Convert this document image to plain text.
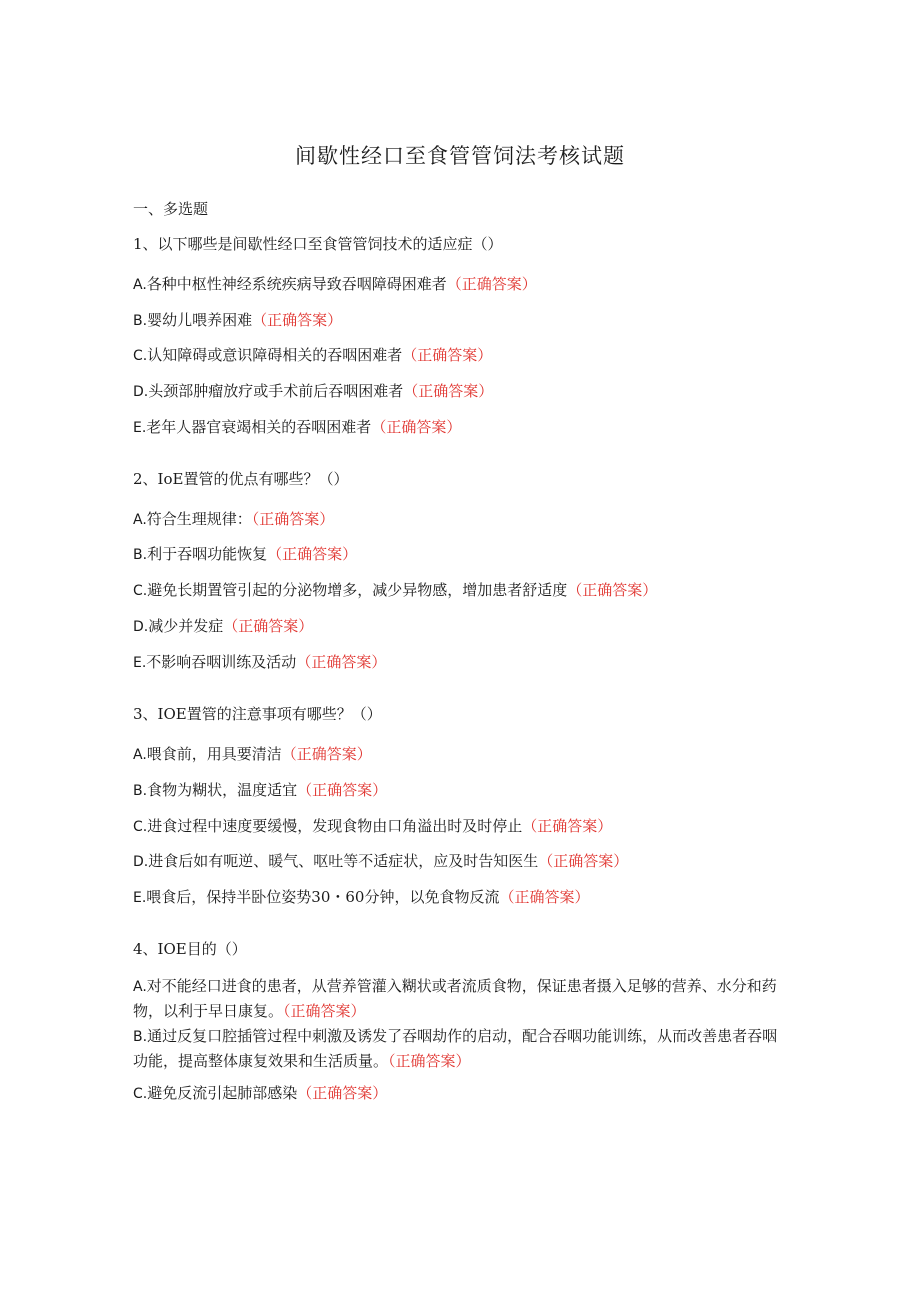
间歇性经口至食管管饲法考核试题
一、多选题
1、以下哪些是间歇性经口至食管管饲技术的适应症（）
A.各种中枢性神经系统疾病导致吞咽障碍困难者（正确答案）
B.婴幼儿喂养困难（正确答案）
C.认知障碍或意识障碍相关的吞咽困难者（正确答案）
D.头颈部肿瘤放疗或手术前后吞咽困难者（正确答案）
E.老年人器官衰竭相关的吞咽困难者（正确答案）
2、IoE置管的优点有哪些？（）
A.符合生理规律：（正确答案）
B.利于吞咽功能恢复（正确答案）
C.避免长期置管引起的分泌物增多，减少异物感，增加患者舒适度（正确答案）
D.减少并发症（正确答案）
E.不影响吞咽训练及活动（正确答案）
3、IOE置管的注意事项有哪些？（）
A.喂食前，用具要清洁（正确答案）
B.食物为糊状，温度适宜（正确答案）
C.进食过程中速度要缓慢，发现食物由口角溢出时及时停止（正确答案）
D.进食后如有呃逆、暖气、呕吐等不适症状，应及时告知医生（正确答案）
E.喂食后，保持半卧位姿势30・60分钟，以免食物反流（正确答案）
4、IOE目的（）
A.对不能经口进食的患者，从营养管灌入糊状或者流质食物，保证患者摄入足够的营养、水分和药物，以利于早日康复。（正确答案）
B.通过反复口腔插管过程中刺激及诱发了吞咽劫作的启动，配合吞咽功能训练，从而改善患者吞咽功能，提高整体康复效果和生活质量。（正确答案）
C.避免反流引起肺部感染（正确答案）
